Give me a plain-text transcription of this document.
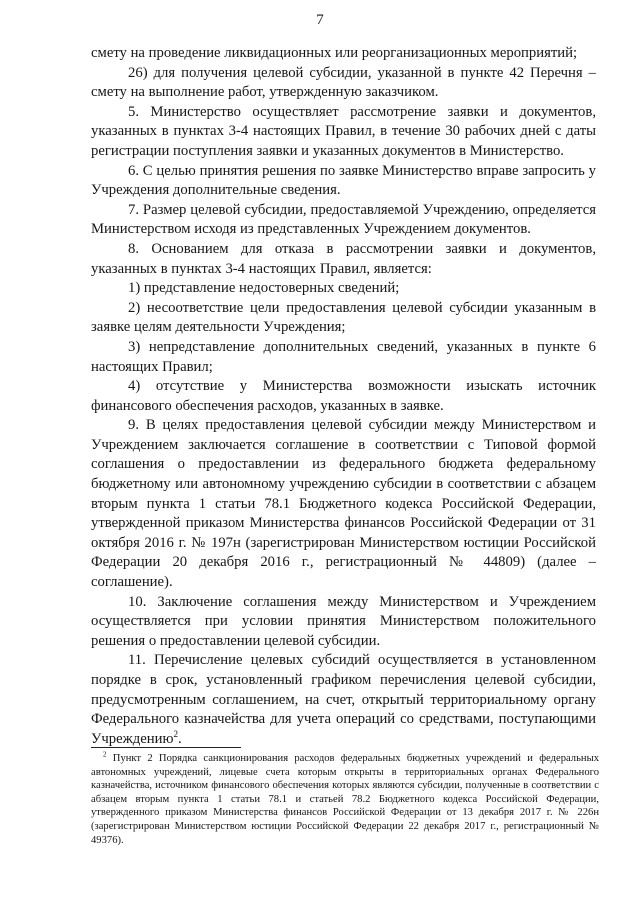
7

смету на проведение ликвидационных или реорганизационных мероприятий;

26) для получения целевой субсидии, указанной в пункте 42 Перечня – смету на выполнение работ, утвержденную заказчиком.

5. Министерство осуществляет рассмотрение заявки и документов, указанных в пунктах 3-4 настоящих Правил, в течение 30 рабочих дней с даты регистрации поступления заявки и указанных документов в Министерство.

6. С целью принятия решения по заявке Министерство вправе запросить у Учреждения дополнительные сведения.

7. Размер целевой субсидии, предоставляемой Учреждению, определяется Министерством исходя из представленных Учреждением документов.

8. Основанием для отказа в рассмотрении заявки и документов, указанных в пунктах 3-4 настоящих Правил, является:

1) представление недостоверных сведений;

2) несоответствие цели предоставления целевой субсидии указанным в заявке целям деятельности Учреждения;

3) непредставление дополнительных сведений, указанных в пункте 6 настоящих Правил;

4) отсутствие у Министерства возможности изыскать источник финансового обеспечения расходов, указанных в заявке.

9. В целях предоставления целевой субсидии между Министерством и Учреждением заключается соглашение в соответствии с Типовой формой соглашения о предоставлении из федерального бюджета федеральному бюджетному или автономному учреждению субсидии в соответствии с абзацем вторым пункта 1 статьи 78.1 Бюджетного кодекса Российской Федерации, утвержденной приказом Министерства финансов Российской Федерации от 31 октября 2016 г. № 197н (зарегистрирован Министерством юстиции Российской Федерации 20 декабря 2016 г., регистрационный № 44809) (далее – соглашение).

10. Заключение соглашения между Министерством и Учреждением осуществляется при условии принятия Министерством положительного решения о предоставлении целевой субсидии.

11. Перечисление целевых субсидий осуществляется в установленном порядке в срок, установленный графиком перечисления целевой субсидии, предусмотренным соглашением, на счет, открытый территориальному органу Федерального казначейства для учета операций со средствами, поступающими Учреждению$^2$.

$^2$ Пункт 2 Порядка санкционирования расходов федеральных бюджетных учреждений и федеральных автономных учреждений, лицевые счета которым открыты в территориальных органах Федерального казначейства, источником финансового обеспечения которых являются субсидии, полученные в соответствии с абзацем вторым пункта 1 статьи 78.1 и статьей 78.2 Бюджетного кодекса Российской Федерации, утвержденного приказом Министерства финансов Российской Федерации от 13 декабря 2017 г. № 226н (зарегистрирован Министерством юстиции Российской Федерации 22 декабря 2017 г., регистрационный № 49376).
